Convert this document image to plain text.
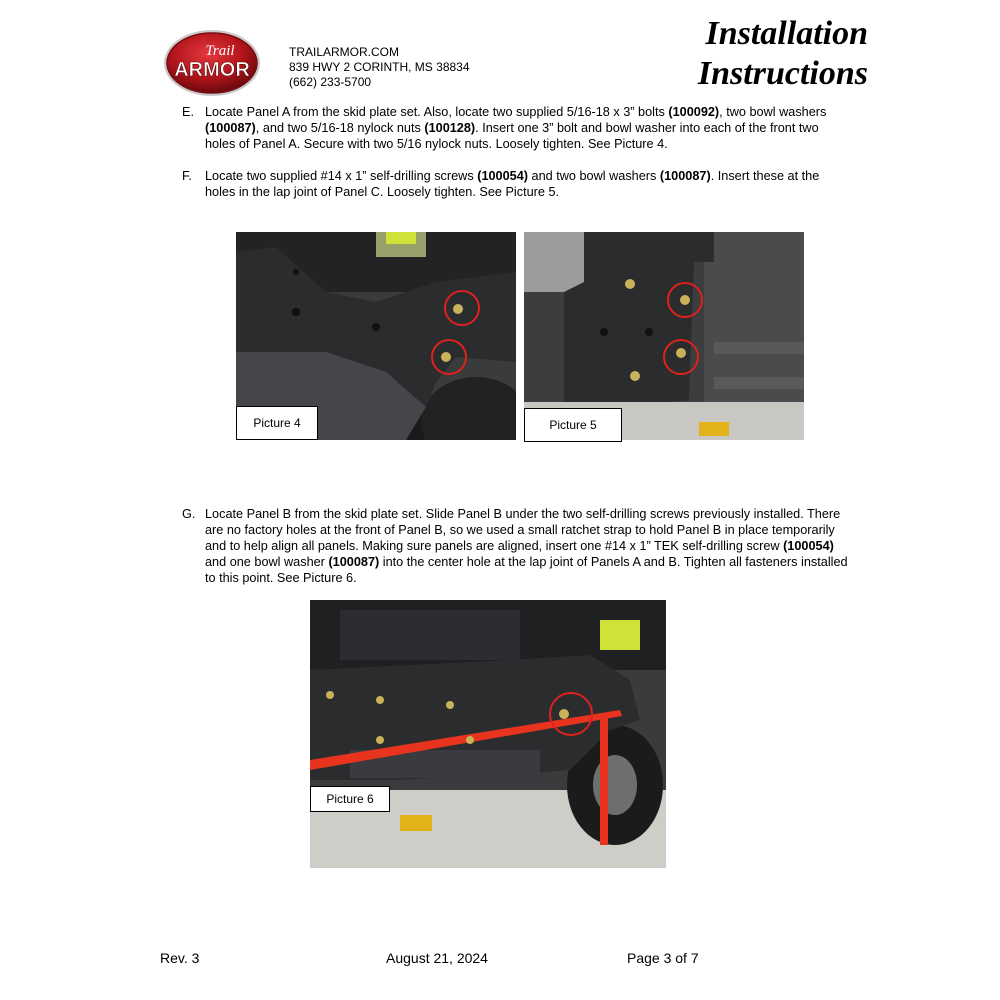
Trail
ARMOR
TRAILARMOR.COM
839 HWY 2 CORINTH, MS 38834
(662) 233-5700
Installation
Instructions
E. Locate Panel A from the skid plate set. Also, locate two supplied 5/16-18 x 3” bolts (100092), two bowl washers (100087), and two 5/16-18 nylock nuts (100128). Insert one 3” bolt and bowl washer into each of the front two holes of Panel A. Secure with two 5/16 nylock nuts. Loosely tighten. See Picture 4.
F. Locate two supplied #14 x 1” self-drilling screws (100054) and two bowl washers (100087). Insert these at the holes in the lap joint of Panel C. Loosely tighten. See Picture 5.
Picture 4	Picture 5
G. Locate Panel B from the skid plate set. Slide Panel B under the two self-drilling screws previously installed. There are no factory holes at the front of Panel B, so we used a small ratchet strap to hold Panel B in place temporarily and to help align all panels. Making sure panels are aligned, insert one #14 x 1” TEK self-drilling screw (100054) and one bowl washer (100087) into the center hole at the lap joint of Panels A and B. Tighten all fasteners installed to this point. See Picture 6.
Picture 6
Rev. 3	August 21, 2024	Page 3 of 7
